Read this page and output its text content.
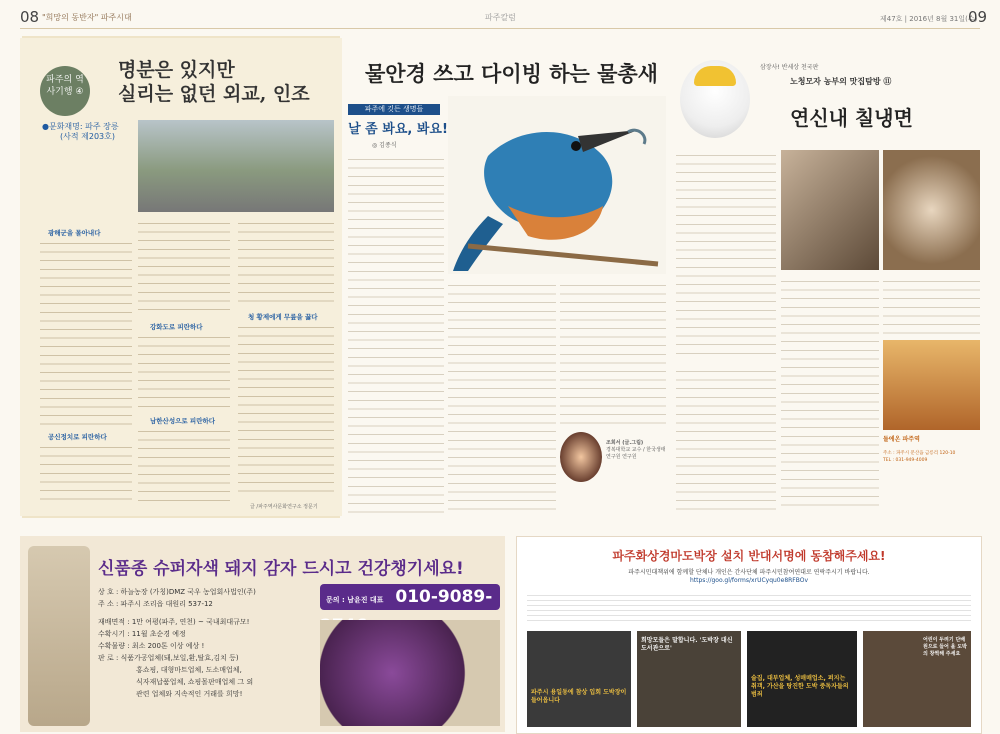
08 "희망의 동반자" 파주시대	파주칼럼	제47호 | 2016년 8월 31일(수)
09
파주의 역사기행 ④
명분은 있지만
실리는 없던 외교, 인조
●문화재명: 파주 장릉
(사적 제203호)
광해군을 몰아내다
공신정치로 피란하다
강화도로 피란하다
남한산성으로 피란하다
청 황제에게 무릎을 꿇다
글 /파주역사문화연구소 정문기
물안경 쓰고 다이빙 하는 물총새
파주에 깃든 생명들
날 좀 봐요, 봐요!
◎ 김종식
조희서 (글.그림)
경복대학교 교수 / 한국생태연구원 연구원
삼장사! 반세상 천국판
노청모자 농부의 맛집탐방 ⑪
연신내 칠냉면
돌에온 파주역
주소 : 파주시 문산읍 금릉리 120-10
TEL : 031-949-4009
신품종 슈퍼자색 돼지 감자 드시고 건강챙기세요!
상 호 : 하늘농장 (가칭)DMZ 국우 농업회사법인(주)
주 소 : 파주시 조리읍 대원리 537-12
재배면적 : 1만 여평(파주, 연천) ~ 국내최대규모!
수확시기 : 11월 초순경 예정
수확물량 : 최소 200톤 이상 예상 !
판 로 : 식품가공업체(돼,보일,환,탈효,김치 등)
홍쇼핑, 대형마트업체, 도소매업체,
식자재납품업체, 쇼핑몰판매업체 그 외
관련 업체와 지속적인 거래를 희망!
문의 : 남윤진 대표 010-9089-
파주화상경마도박장 설치 반대서명에 동참해주세요!
파주시민대책위에 함께할 단체나 개인은 간사단체 파주시민참여연대로 연락주시기 바랍니다.
https://goo.gl/forms/xrUCyqu0e8RFBOv
파주시 용일동에 참상 입회 도박장이 들어옵니다
희망모들은 말합니다. '도박장 대신 도서관으로'
술집, 대부업체, 성매매업소, 퍼지는 취객, 가산을 탕진한 도박 중독자들의 범죄
어린이 두려기 단배 원으로 들어 올 도박의 창찍해 주세요
